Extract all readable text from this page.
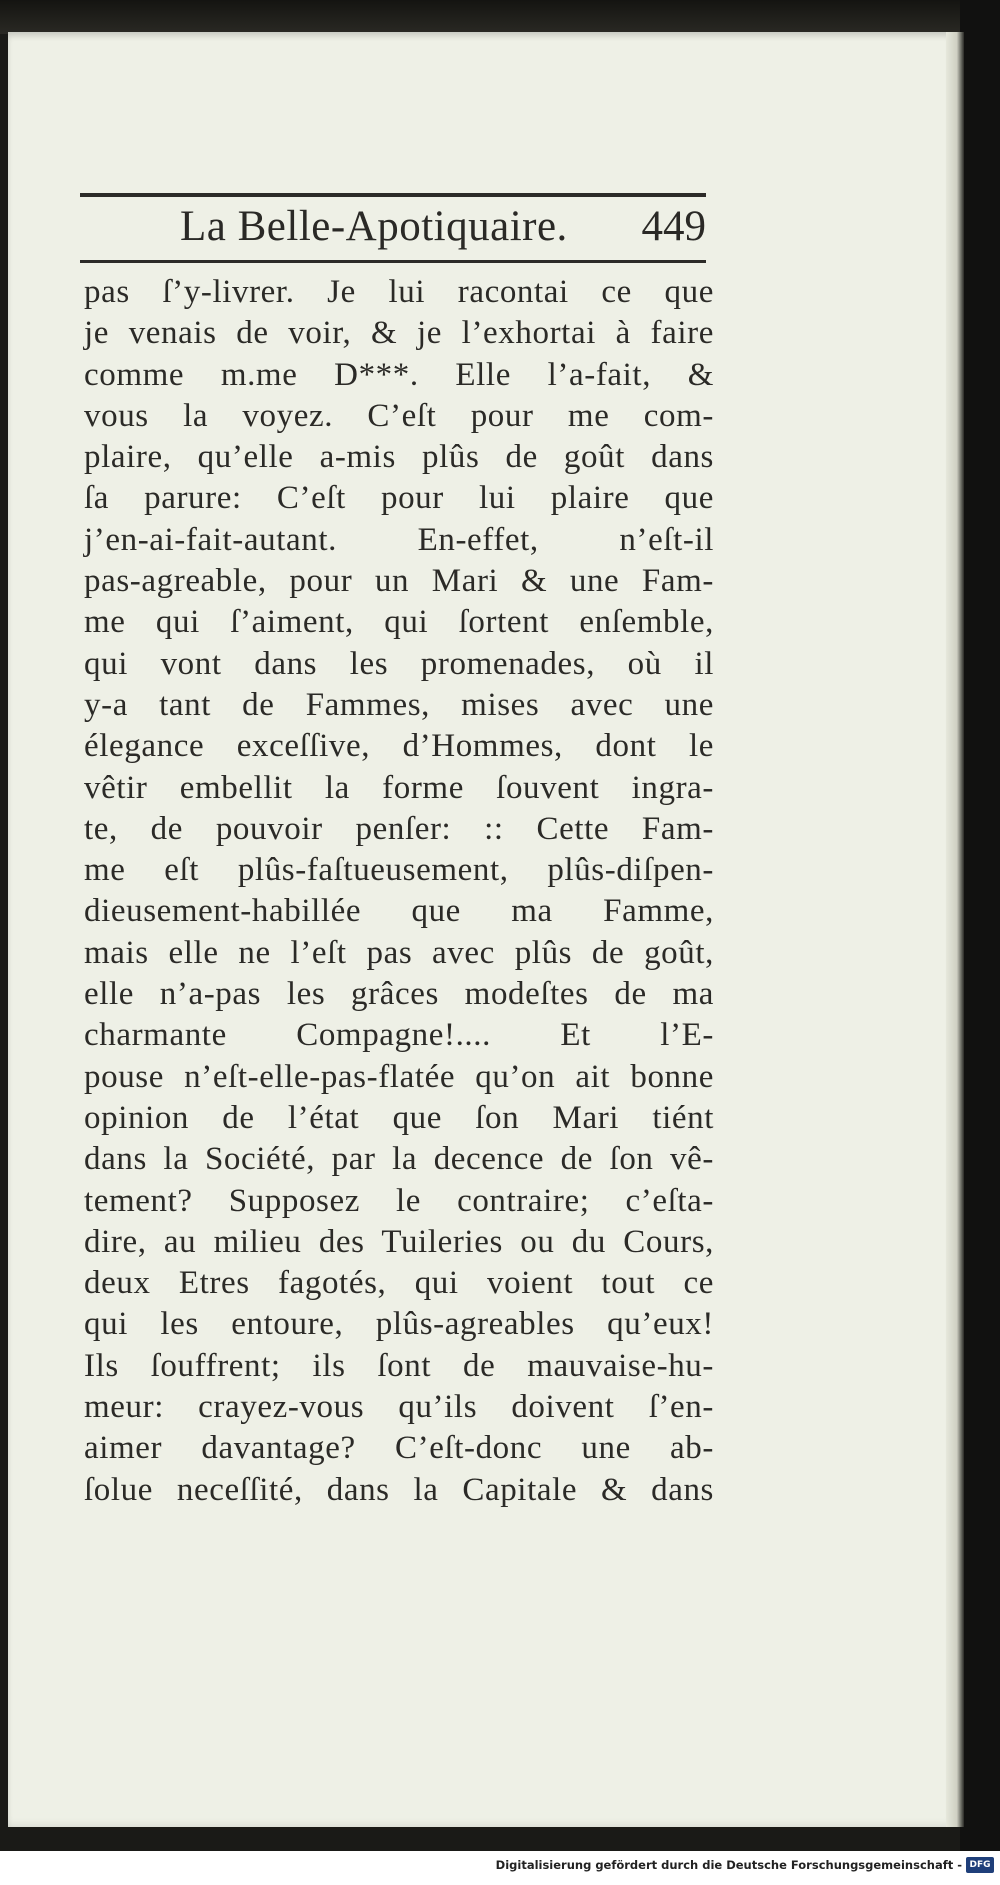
La Belle-Apotiquaire. 449
pas ſ’y-livrer. Je lui racontai ce que
je venais de voir, & je l’exhortai à faire
comme m.me D***. Elle l’a-fait, &
vous la voyez. C’eſt pour me com-
plaire, qu’elle a-mis plûs de goût dans
ſa parure: C’eſt pour lui plaire que
j’en-ai-fait-autant. En-effet, n’eſt-il
pas-agreable, pour un Mari & une Fam-
me qui ſ’aiment, qui ſortent enſemble,
qui vont dans les promenades, où il
y-a tant de Fammes, mises avec une
élegance exceſſive, d’Hommes, dont le
vêtir embellit la forme ſouvent ingra-
te, de pouvoir penſer: :: Cette Fam-
me eſt plûs-faſtueusement, plûs-diſpen-
dieusement-habillée que ma Famme,
mais elle ne l’eſt pas avec plûs de goût,
elle n’a-pas les grâces modeſtes de ma
charmante Compagne!.... Et l’E-
pouse n’eſt-elle-pas-flatée qu’on ait bonne
opinion de l’état que ſon Mari tiént
dans la Société, par la decence de ſon vê-
tement? Supposez le contraire; c’eſta-
dire, au milieu des Tuileries ou du Cours,
deux Etres fagotés, qui voient tout ce
qui les entoure, plûs-agreables qu’eux!
Ils ſouffrent; ils ſont de mauvaise-hu-
meur: crayez-vous qu’ils doivent ſ’en-
aimer davantage? C’eſt-donc une ab-
ſolue neceſſité, dans la Capitale & dans
Digitalisierung gefördert durch die Deutsche Forschungsgemeinschaft - DFG
